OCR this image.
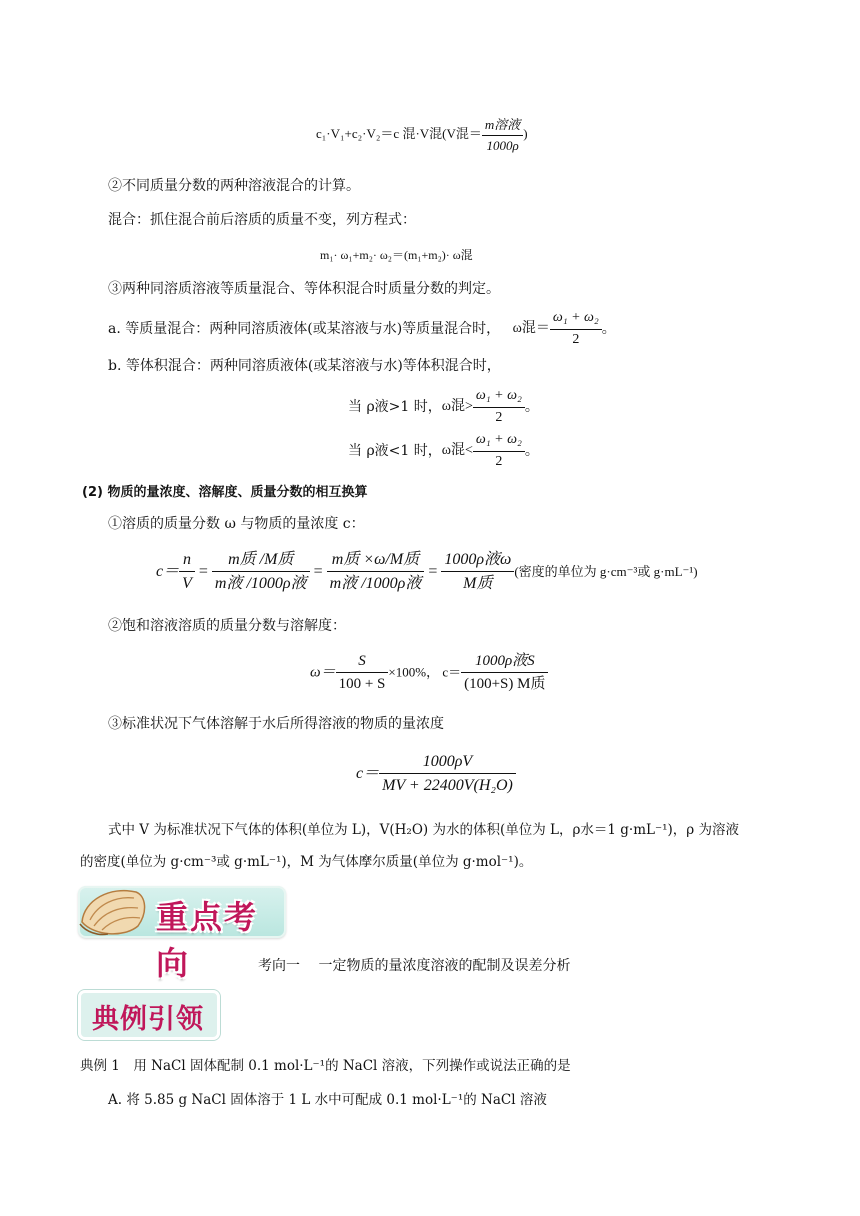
c₁·V₁+c₂·V₂＝c 混·V混(V混＝ $\frac{\text{m溶液}}{1000\rho}$ )
②不同质量分数的两种溶液混合的计算。
混合：抓住混合前后溶质的质量不变，列方程式：
m₁· ω₁+m₂· ω₂＝(m₁+m₂)· ω混
③两种同溶质溶液等质量混合、等体积混合时质量分数的判定。
a. 等质量混合：两种同溶质液体(或某溶液与水)等质量混合时， ω混＝ $\frac{\text{ω₁ + ω₂}}{2}$ 。
b. 等体积混合：两种同溶质液体(或某溶液与水)等体积混合时，
当 ρ液>1 时，ω混> $\frac{\text{ω₁ + ω₂}}{2}$ 。
当 ρ液<1 时，ω混< $\frac{\text{ω₁ + ω₂}}{2}$ 。
(2) 物质的量浓度、溶解度、质量分数的相互换算
①溶质的质量分数 ω 与物质的量浓度 c：
$c= \frac{n}{V} = \frac{\text{m质 /M质}}{\text{m液 /1000ρ液}} = \frac{\text{m质 ×ω/M质}}{\text{m液 /1000ρ液}} = \frac{\text{1000ρ液ω}}{\text{M质}}$ (密度的单位为 g·cm⁻³或 g·mL⁻¹)
②饱和溶液溶质的质量分数与溶解度：
$\omega= \frac{S}{100 + S} \times 100\%$， $c= \frac{\text{1000ρ液S}}{\text{(100+S) M质}}$
③标准状况下气体溶解于水后所得溶液的物质的量浓度
$c= \frac{1000\rho V}{\text{MV + 22400V(H₂O)}}$
式中 V 为标准状况下气体的体积(单位为 L)，V(H₂O) 为水的体积(单位为 L，ρ水＝1 g·mL⁻¹)，ρ 为溶液
的密度(单位为 g·cm⁻³或 g·mL⁻¹)，M 为气体摩尔质量(单位为 g·mol⁻¹)。
重点考向	考向一　 一定物质的量浓度溶液的配制及误差分析
典例引领
典例 1　用 NaCl 固体配制 0.1 mol·L⁻¹的 NaCl 溶液，下列操作或说法正确的是
A. 将 5.85 g NaCl 固体溶于 1 L 水中可配成 0.1 mol·L⁻¹的 NaCl 溶液
